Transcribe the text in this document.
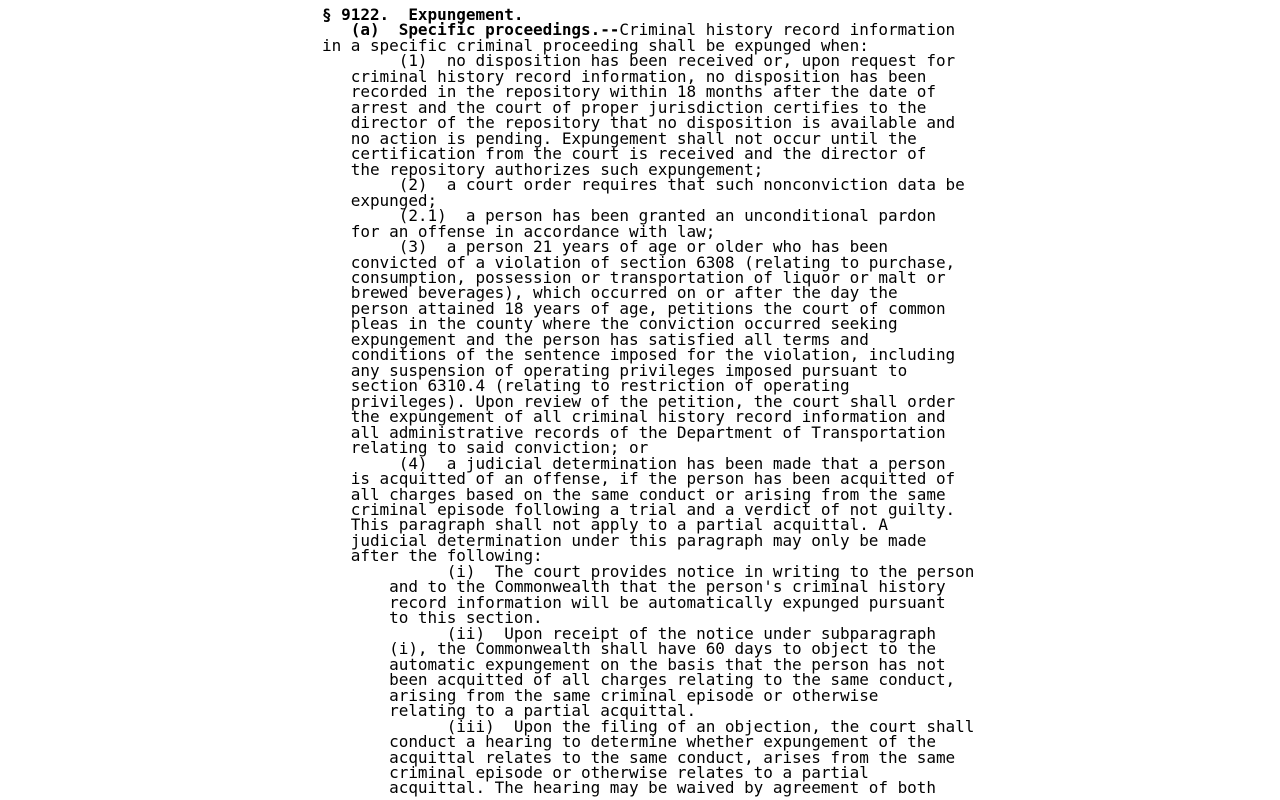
§ 9122. Expungement.
(a) Specific proceedings.--Criminal history record information
in a specific criminal proceeding shall be expunged when:
(1)  no disposition has been received or, upon request for
criminal history record information, no disposition has been
recorded in the repository within 18 months after the date of
arrest and the court of proper jurisdiction certifies to the
director of the repository that no disposition is available and
no action is pending. Expungement shall not occur until the
certification from the court is received and the director of
the repository authorizes such expungement;
(2)  a court order requires that such nonconviction data be
expunged;
(2.1)  a person has been granted an unconditional pardon
for an offense in accordance with law;
(3)  a person 21 years of age or older who has been
convicted of a violation of section 6308 (relating to purchase,
consumption, possession or transportation of liquor or malt or
brewed beverages), which occurred on or after the day the
person attained 18 years of age, petitions the court of common
pleas in the county where the conviction occurred seeking
expungement and the person has satisfied all terms and
conditions of the sentence imposed for the violation, including
any suspension of operating privileges imposed pursuant to
section 6310.4 (relating to restriction of operating
privileges). Upon review of the petition, the court shall order
the expungement of all criminal history record information and
all administrative records of the Department of Transportation
relating to said conviction; or
(4)  a judicial determination has been made that a person
is acquitted of an offense, if the person has been acquitted of
all charges based on the same conduct or arising from the same
criminal episode following a trial and a verdict of not guilty.
This paragraph shall not apply to a partial acquittal. A
judicial determination under this paragraph may only be made
after the following:
(i)  The court provides notice in writing to the person
and to the Commonwealth that the person's criminal history
record information will be automatically expunged pursuant
to this section.
(ii)  Upon receipt of the notice under subparagraph
(i), the Commonwealth shall have 60 days to object to the
automatic expungement on the basis that the person has not
been acquitted of all charges relating to the same conduct,
arising from the same criminal episode or otherwise
relating to a partial acquittal.
(iii)  Upon the filing of an objection, the court shall
conduct a hearing to determine whether expungement of the
acquittal relates to the same conduct, arises from the same
criminal episode or otherwise relates to a partial
acquittal. The hearing may be waived by agreement of both
